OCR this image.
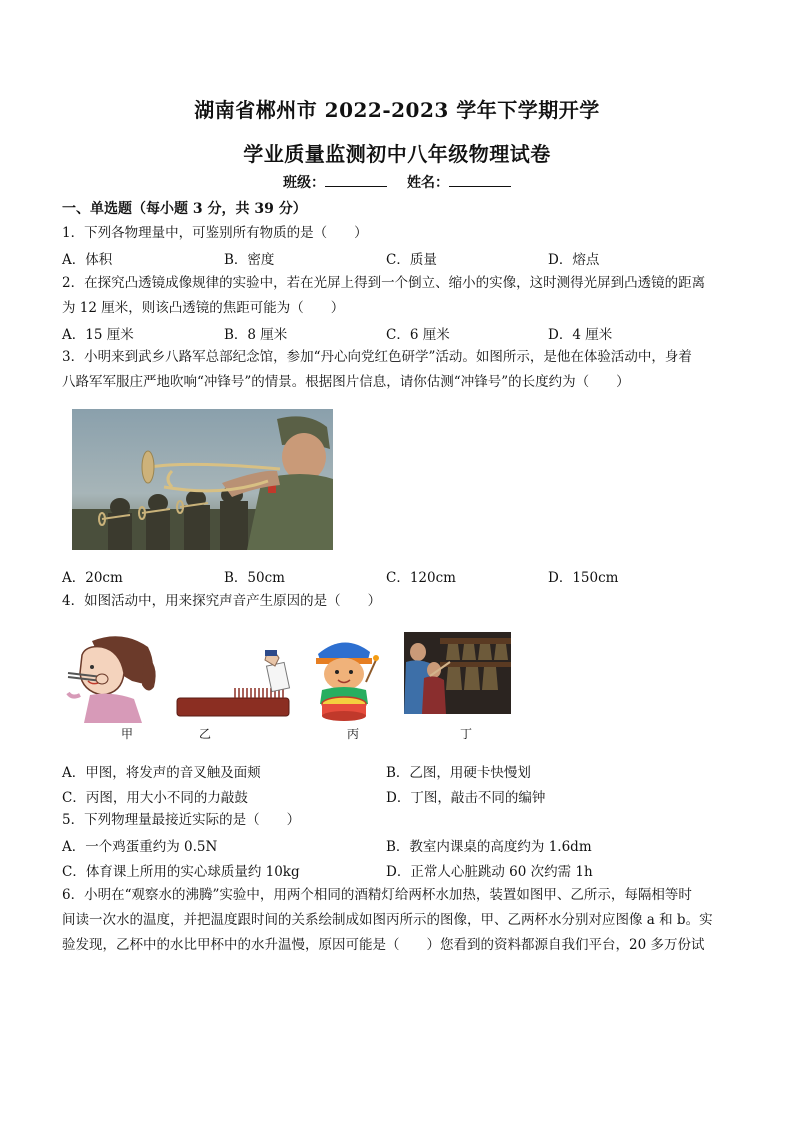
湖南省郴州市 2022-2023 学年下学期开学
学业质量监测初中八年级物理试卷
班级：	姓名：
一、单选题（每小题 3 分，共 39 分）
1．下列各物理量中，可鉴别所有物质的是（　　）
A．体积	B．密度	C．质量	D．熔点
2．在探究凸透镜成像规律的实验中，若在光屏上得到一个倒立、缩小的实像，这时测得光屏到凸透镜的距离
为 12 厘米，则该凸透镜的焦距可能为（　　）
A．15 厘米	B．8 厘米	C．6 厘米	D．4 厘米
3．小明来到武乡八路军总部纪念馆，参加“丹心向党红色研学”活动。如图所示，是他在体验活动中，身着
八路军军服庄严地吹响“冲锋号”的情景。根据图片信息，请你估测“冲锋号”的长度约为（　　）
A．20cm	B．50cm	C．120cm	D．150cm
4．如图活动中，用来探究声音产生原因的是（　　）
甲	乙	丙	丁
A．甲图，将发声的音叉触及面颊	B．乙图，用硬卡快慢划
C．丙图，用大小不同的力敲鼓	D．丁图，敲击不同的编钟
5．下列物理量最接近实际的是（　　）
A．一个鸡蛋重约为 0.5N	B．教室内课桌的高度约为 1.6dm
C．体育课上所用的实心球质量约 10kg	D．正常人心脏跳动 60 次约需 1h
6．小明在“观察水的沸腾”实验中，用两个相同的酒精灯给两杯水加热，装置如图甲、乙所示，每隔相等时
间读一次水的温度，并把温度跟时间的关系绘制成如图丙所示的图像，甲、乙两杯水分别对应图像 a 和 b。实
验发现，乙杯中的水比甲杯中的水升温慢，原因可能是（　　）您看到的资料都源自我们平台，20 多万份试
